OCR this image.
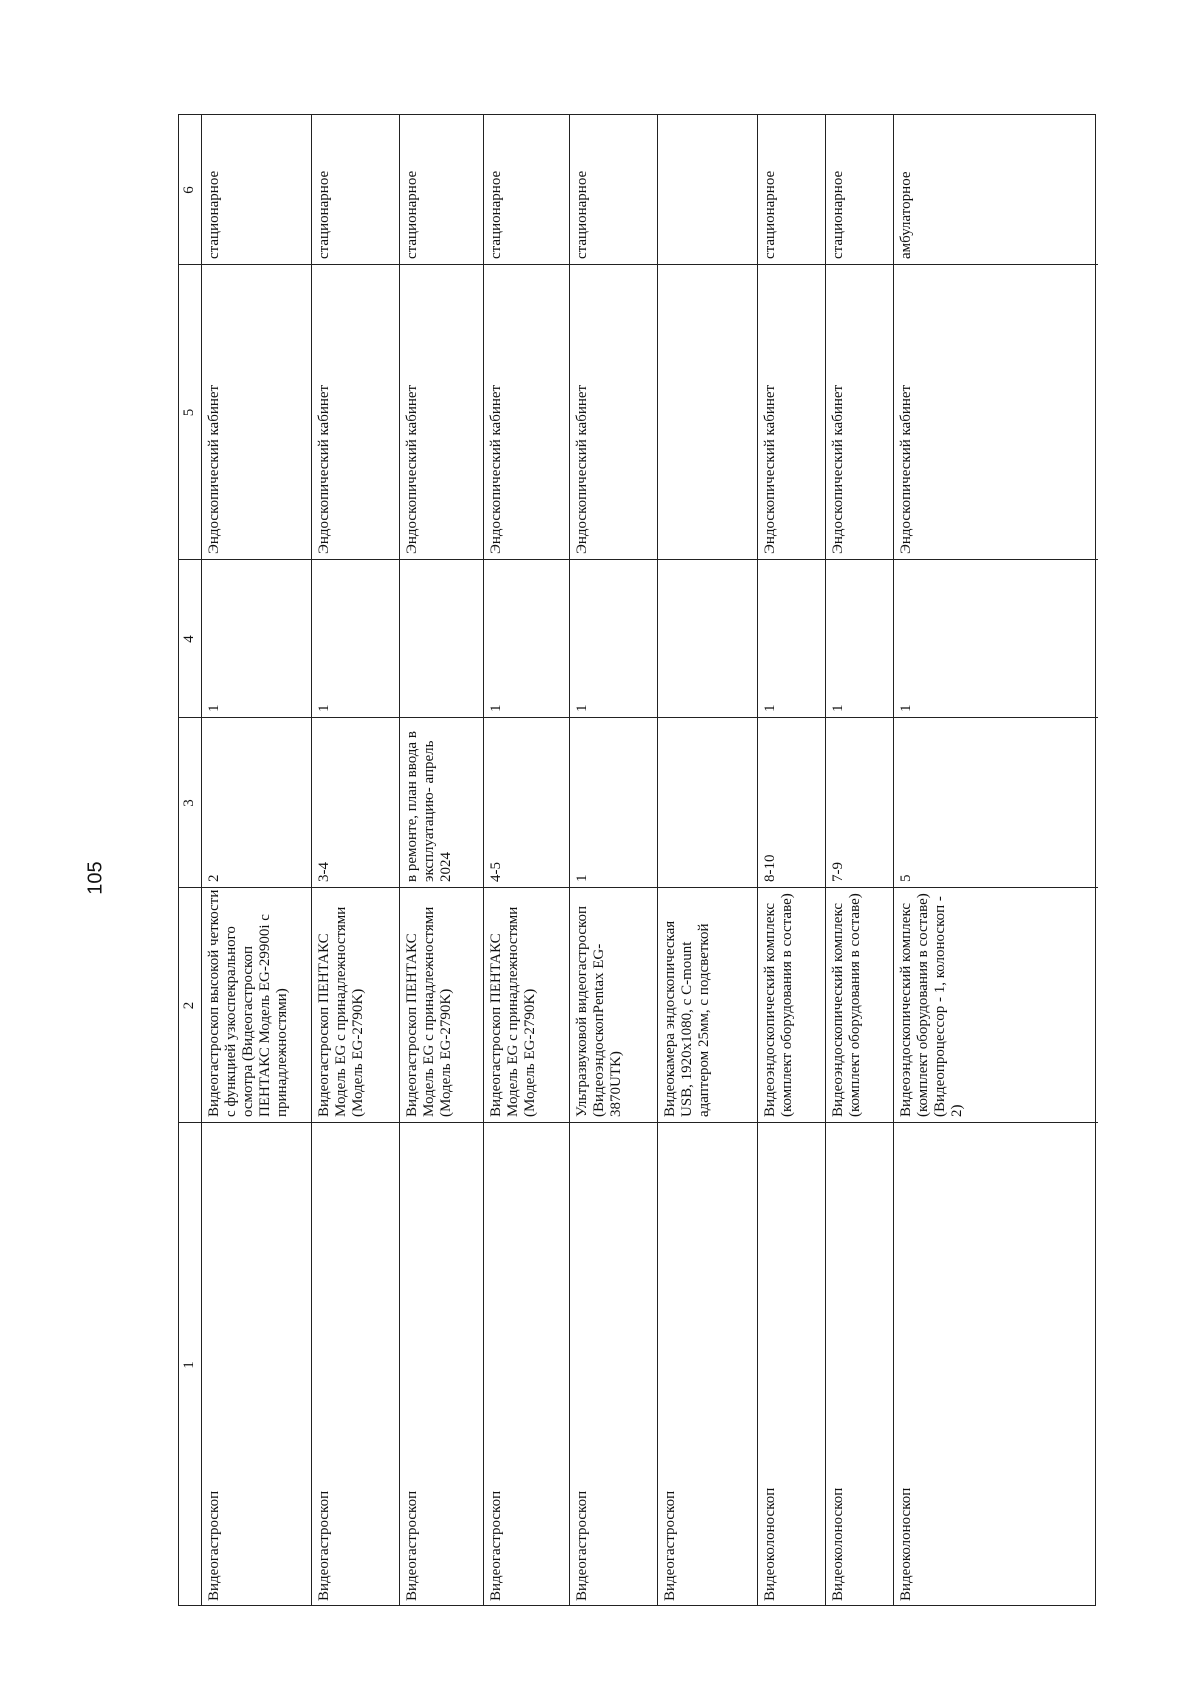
105
6
5
4
3
2
1
стационарное
Эндоскопический кабинет
1
2
Видеогастроскоп высокой четкости с функцией узкоспекрального осмотра (Видеогастроскоп ПЕНТАКС Модель EG-29900i с принадлежностями)
Видеогастроскоп
стационарное
Эндоскопический кабинет
1
3-4
Видеогастроскоп ПЕНТАКС Модель EG с принадлежностями (Модель EG-2790K)
Видеогастроскоп
стационарное
Эндоскопический кабинет
в ремонте, план ввода в эксплуатацию- апрель 2024
Видеогастроскоп ПЕНТАКС Модель EG с принадлежностями (Модель EG-2790K)
Видеогастроскоп
стационарное
Эндоскопический кабинет
1
4-5
Видеогастроскоп ПЕНТАКС Модель EG с принадлежностями (Модель EG-2790K)
Видеогастроскоп
стационарное
Эндоскопический кабинет
1
1
Ультразвуковой видеогастроскоп (ВидеоэндоскопPentax EG-3870UTK)
Видеогастроскоп
Видеокамера эндоскопическая USB, 1920x1080, с C-mount адаптером 25мм, с подсветкой
Видеогастроскоп
стационарное
Эндоскопический кабинет
1
8-10
Видеоэндоскопический комплекс (комплект оборудования в составе)
Видеоколоноскоп
стационарное
Эндоскопический кабинет
1
7-9
Видеоэндоскопический комплекс (комплект оборудования в составе)
Видеоколоноскоп
амбулаторное
Эндоскопический кабинет
1
5
Видеоэндоскопический комплекс (комплект оборудования в составе) (Видеопроцессор - 1, колоноскоп - 2)
Видеоколоноскоп
